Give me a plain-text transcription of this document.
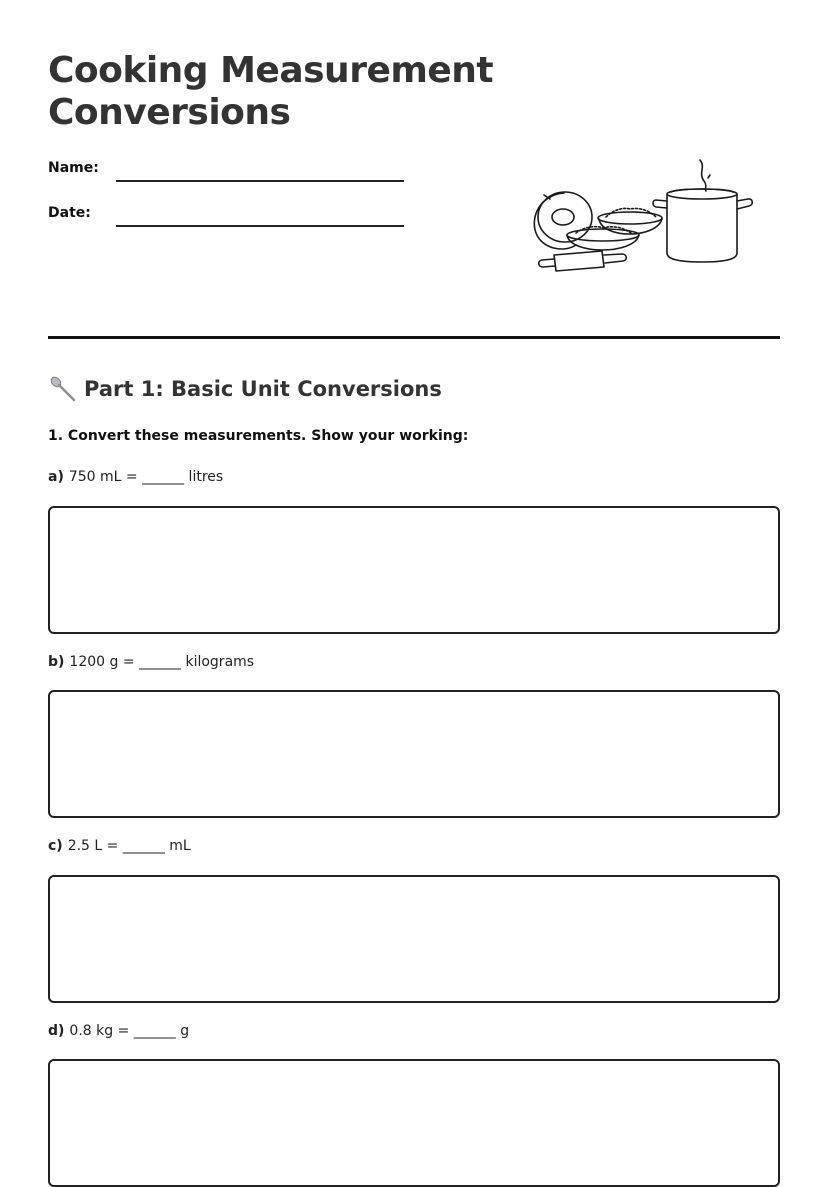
Cooking Measurement Conversions
Name:
Date:
Part 1: Basic Unit Conversions
1. Convert these measurements. Show your working:
a) 750 mL = ______ litres
b) 1200 g = ______ kilograms
c) 2.5 L = ______ mL
d) 0.8 kg = ______ g
